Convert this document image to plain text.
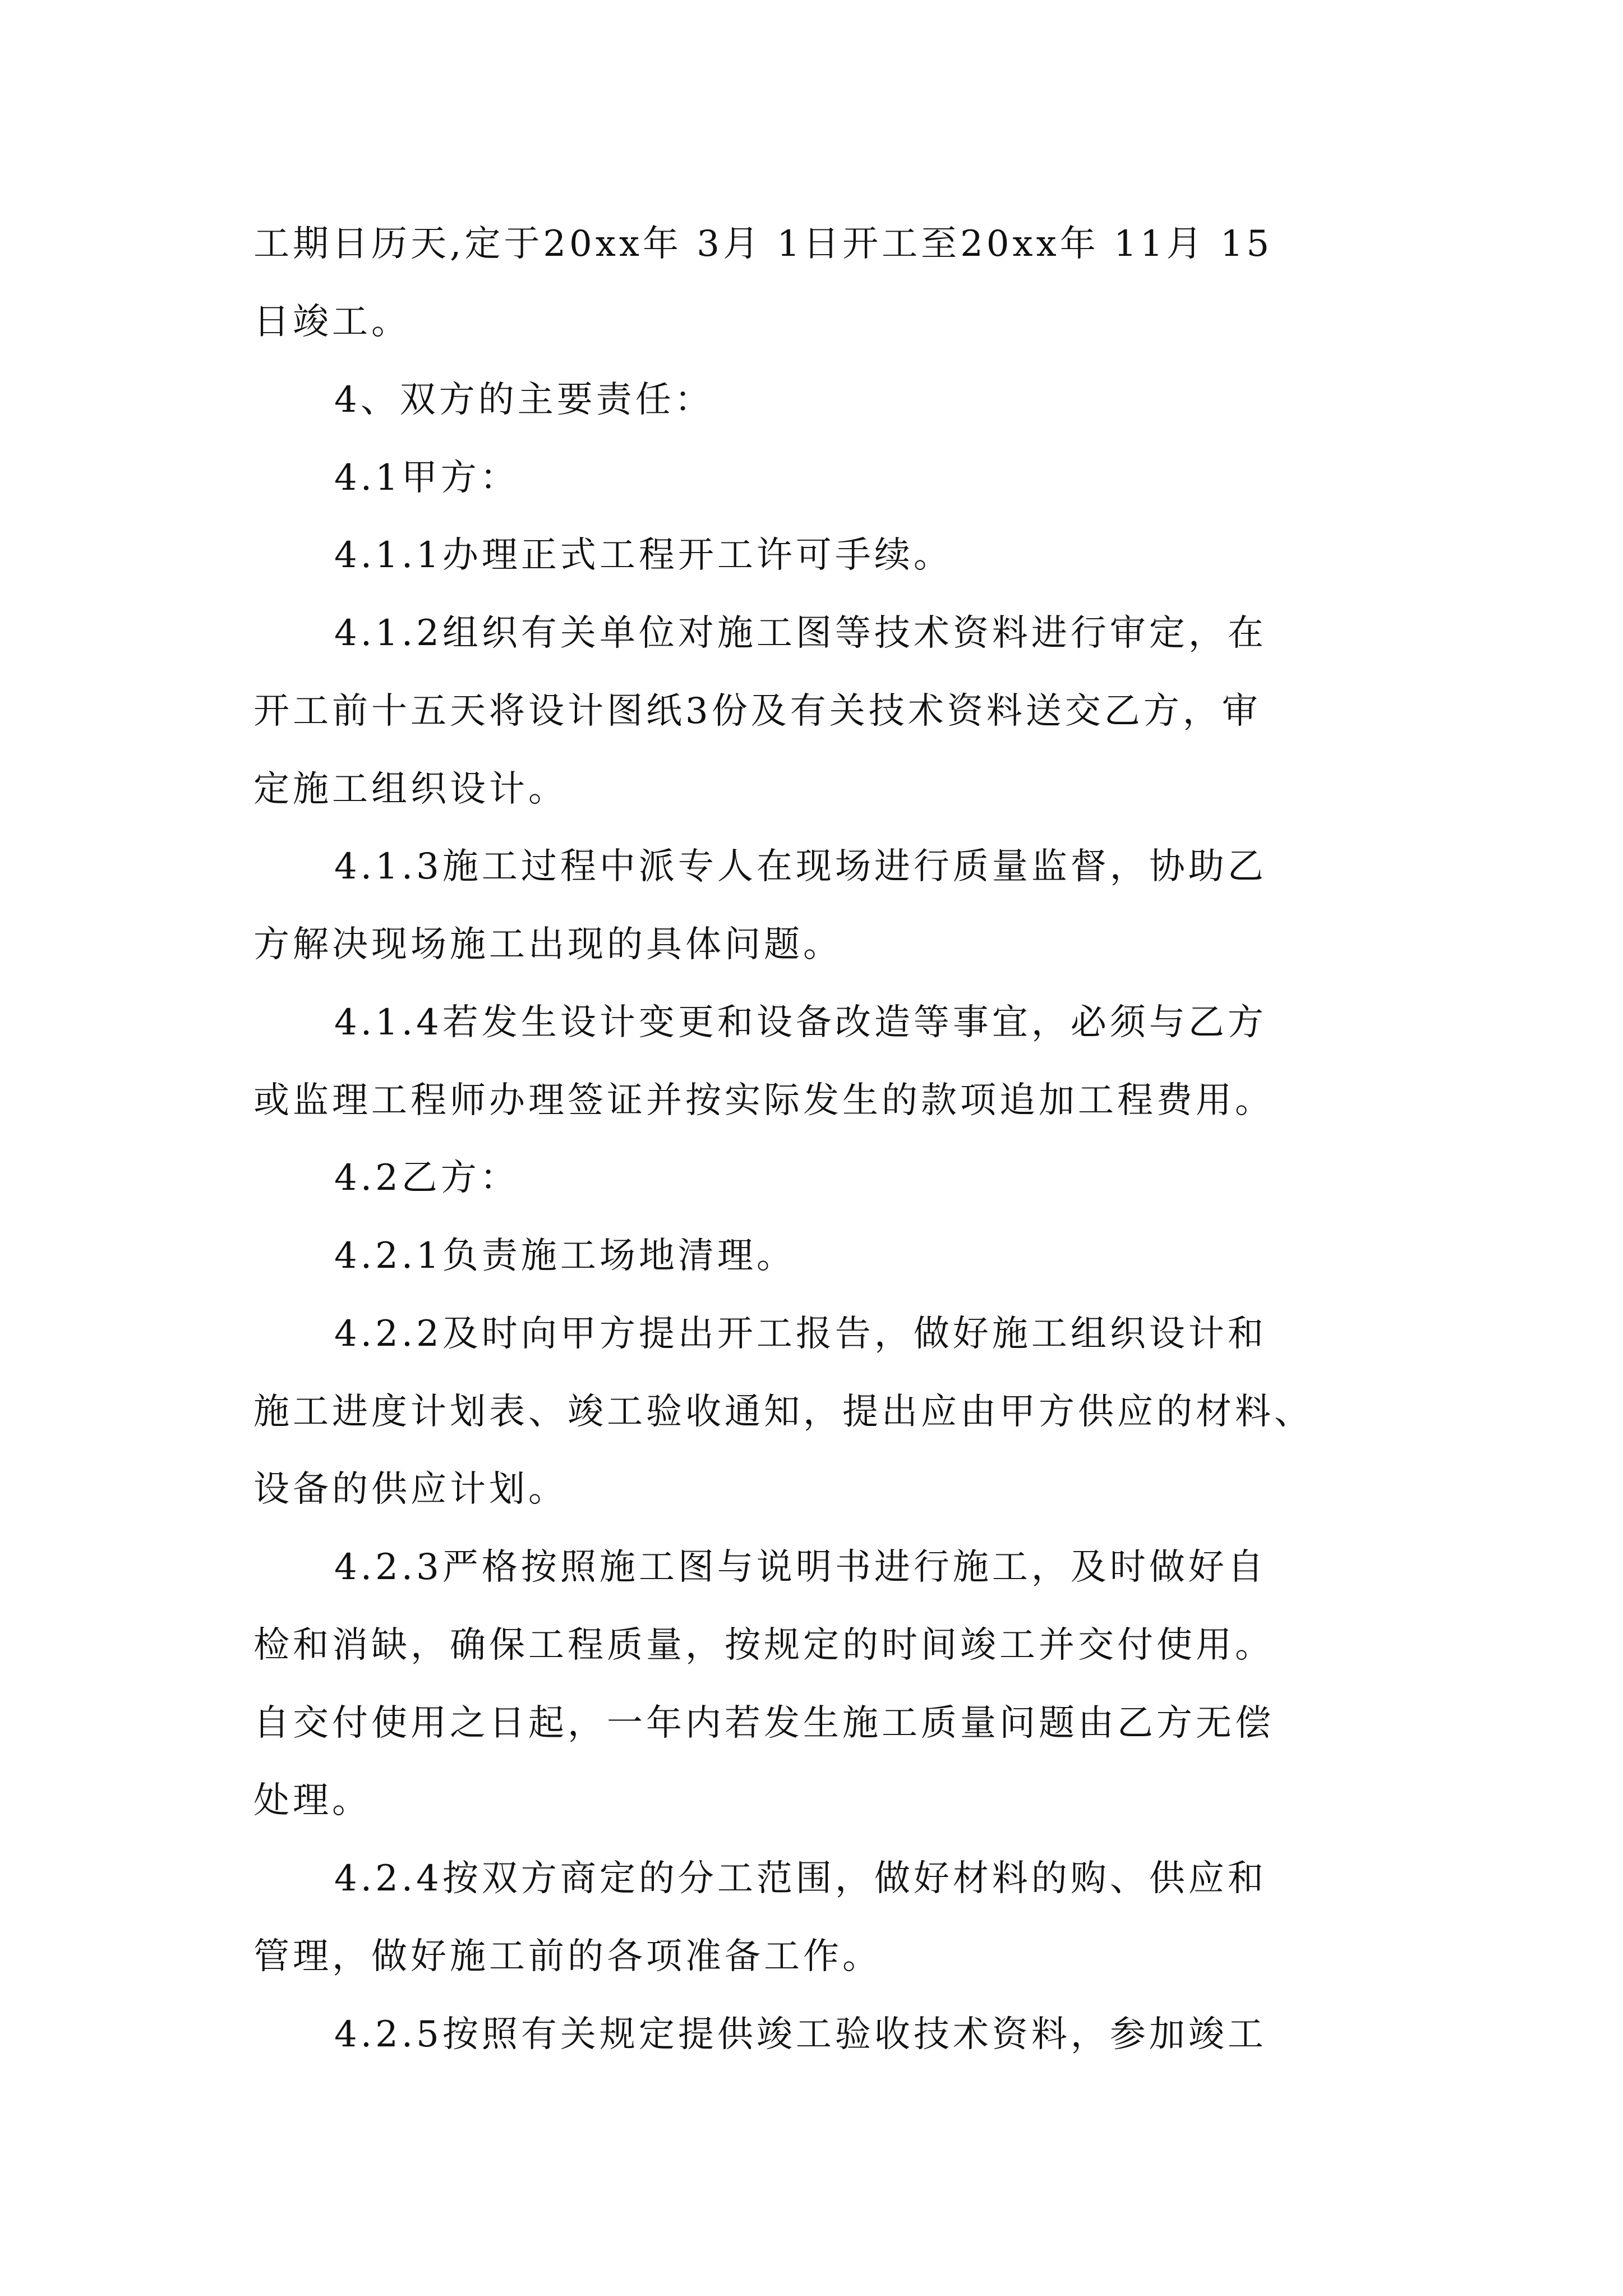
工期日历天,定于20xx年 3月 1日开工至20xx年 11月 15
日竣工。
4、双方的主要责任：
4.1甲方：
4.1.1办理正式工程开工许可手续。
4.1.2组织有关单位对施工图等技术资料进行审定，在
开工前十五天将设计图纸3份及有关技术资料送交乙方，审
定施工组织设计。
4.1.3施工过程中派专人在现场进行质量监督，协助乙
方解决现场施工出现的具体问题。
4.1.4若发生设计变更和设备改造等事宜，必须与乙方
或监理工程师办理签证并按实际发生的款项追加工程费用。
4.2乙方：
4.2.1负责施工场地清理。
4.2.2及时向甲方提出开工报告，做好施工组织设计和
施工进度计划表、竣工验收通知，提出应由甲方供应的材料、
设备的供应计划。
4.2.3严格按照施工图与说明书进行施工，及时做好自
检和消缺，确保工程质量，按规定的时间竣工并交付使用。
自交付使用之日起，一年内若发生施工质量问题由乙方无偿
处理。
4.2.4按双方商定的分工范围，做好材料的购、供应和
管理，做好施工前的各项准备工作。
4.2.5按照有关规定提供竣工验收技术资料，参加竣工
